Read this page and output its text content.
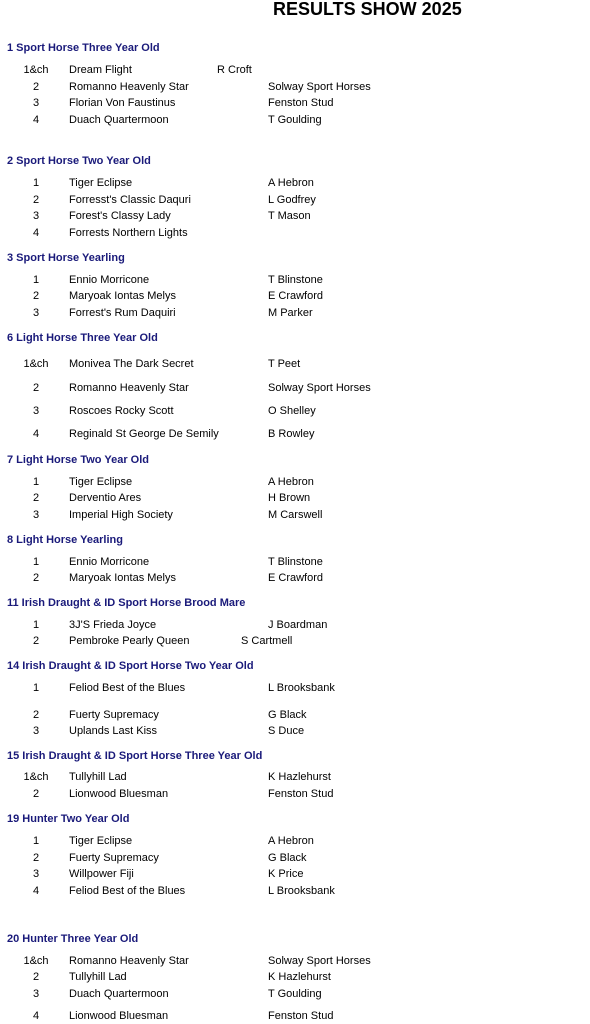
RESULTS SHOW 2025
1 Sport Horse Three Year Old
1&ch Dream Flight	R Croft
2	Romanno Heavenly Star	Solway Sport Horses
3	Florian Von Faustinus	Fenston Stud
4	Duach Quartermoon	T Goulding
2 Sport Horse Two Year Old
1	Tiger Eclipse	A Hebron
2	Forresst's Classic Daquri	L Godfrey
3	Forest's Classy Lady	T Mason
4	Forrests Northern Lights
3 Sport Horse Yearling
1	Ennio Morricone	T Blinstone
2	Maryoak Iontas Melys	E Crawford
3	Forrest's Rum Daquiri	M Parker
6 Light Horse Three Year Old
1&ch Monivea The Dark Secret	T Peet
2	Romanno Heavenly Star	Solway Sport Horses
3	Roscoes Rocky Scott	O Shelley
4	Reginald St George De Semily	B Rowley
7 Light Horse Two Year Old
1	Tiger Eclipse	A Hebron
2	Derventio Ares	H Brown
3	Imperial High Society	M Carswell
8 Light Horse Yearling
1	Ennio Morricone	T Blinstone
2	Maryoak Iontas Melys	E Crawford
11 Irish Draught & ID Sport Horse Brood Mare
1	3J'S Frieda Joyce	J Boardman
2	Pembroke Pearly Queen	S Cartmell
14 Irish Draught & ID Sport Horse Two Year Old
1	Feliod Best of the Blues	L Brooksbank
2	Fuerty Supremacy	G Black
3	Uplands Last Kiss	S Duce
15 Irish Draught & ID Sport Horse Three Year Old
1&ch Tullyhill Lad	K Hazlehurst
2	Lionwood Bluesman	Fenston Stud
19 Hunter Two Year Old
1	Tiger Eclipse	A Hebron
2	Fuerty Supremacy	G Black
3	Willpower Fiji	K Price
4	Feliod Best of the Blues	L Brooksbank
20 Hunter Three Year Old
1&ch Romanno Heavenly Star	Solway Sport Horses
2	Tullyhill Lad	K Hazlehurst
3	Duach Quartermoon	T Goulding
4	Lionwood Bluesman	Fenston Stud
